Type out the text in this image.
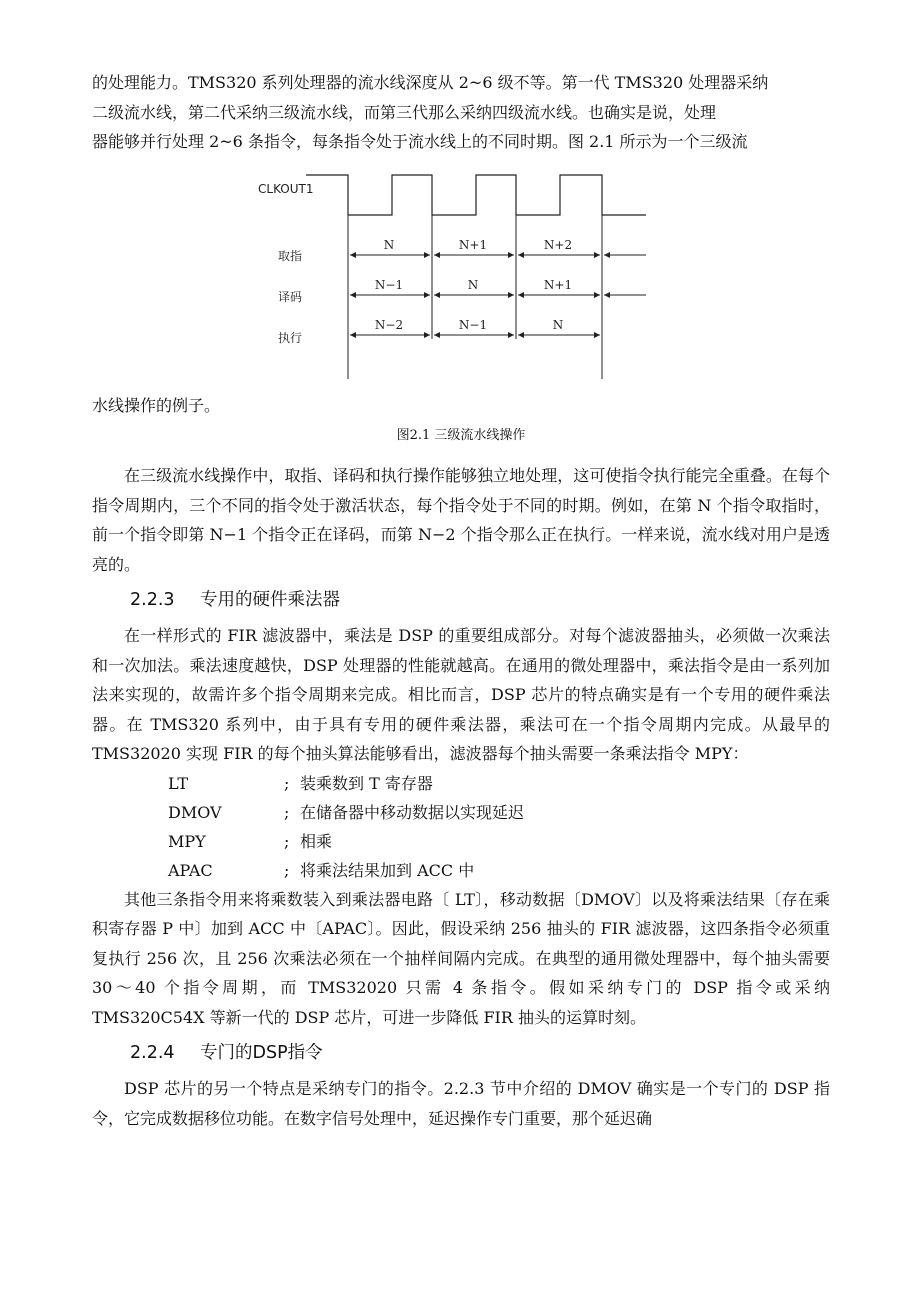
的处理能力。TMS320 系列处理器的流水线深度从 2~6 级不等。第一代 TMS320 处理器采纳
二级流水线，第二代采纳三级流水线，而第三代那么采纳四级流水线。也确实是说，处理
器能够并行处理 2~6 条指令，每条指令处于流水线上的不同时期。图 2.1 所示为一个三级流

CLKOUT1
取指
译码
执行
N	N+1	N+2
N−1	N	N+1
N−2	N−1	N

水线操作的例子。

图2.1 三级流水线操作

在三级流水线操作中，取指、译码和执行操作能够独立地处理，这可使指令执行能完全重叠。在每个指令周期内，三个不同的指令处于激活状态，每个指令处于不同的时期。例如，在第 N 个指令取指时，前一个指令即第 N−1 个指令正在译码，而第 N−2 个指令那么正在执行。一样来说，流水线对用户是透亮的。

2.2.3 专用的硬件乘法器

在一样形式的 FIR 滤波器中，乘法是 DSP 的重要组成部分。对每个滤波器抽头，必须做一次乘法和一次加法。乘法速度越快，DSP 处理器的性能就越高。在通用的微处理器中，乘法指令是由一系列加法来实现的，故需许多个指令周期来完成。相比而言，DSP 芯片的特点确实是有一个专用的硬件乘法器。在 TMS320 系列中，由于具有专用的硬件乘法器，乘法可在一个指令周期内完成。从最早的 TMS32020 实现 FIR 的每个抽头算法能够看出，滤波器每个抽头需要一条乘法指令 MPY：

LT	; 装乘数到 T 寄存器
DMOV	; 在储备器中移动数据以实现延迟
MPY	; 相乘
APAC	; 将乘法结果加到 ACC 中

其他三条指令用来将乘数装入到乘法器电路〔 LT〕，移动数据〔DMOV〕以及将乘法结果〔存在乘积寄存器 P 中〕加到 ACC 中〔APAC〕。因此，假设采纳 256 抽头的 FIR 滤波器，这四条指令必须重复执行 256 次，且 256 次乘法必须在一个抽样间隔内完成。在典型的通用微处理器中，每个抽头需要 30～40 个指令周期，而 TMS32020 只需 4 条指令。假如采纳专门的 DSP 指令或采纳 TMS320C54X 等新一代的 DSP 芯片，可进一步降低 FIR 抽头的运算时刻。

2.2.4 专门的DSP指令

DSP 芯片的另一个特点是采纳专门的指令。2.2.3 节中介绍的 DMOV 确实是一个专门的 DSP 指令，它完成数据移位功能。在数字信号处理中，延迟操作专门重要，那个延迟确
